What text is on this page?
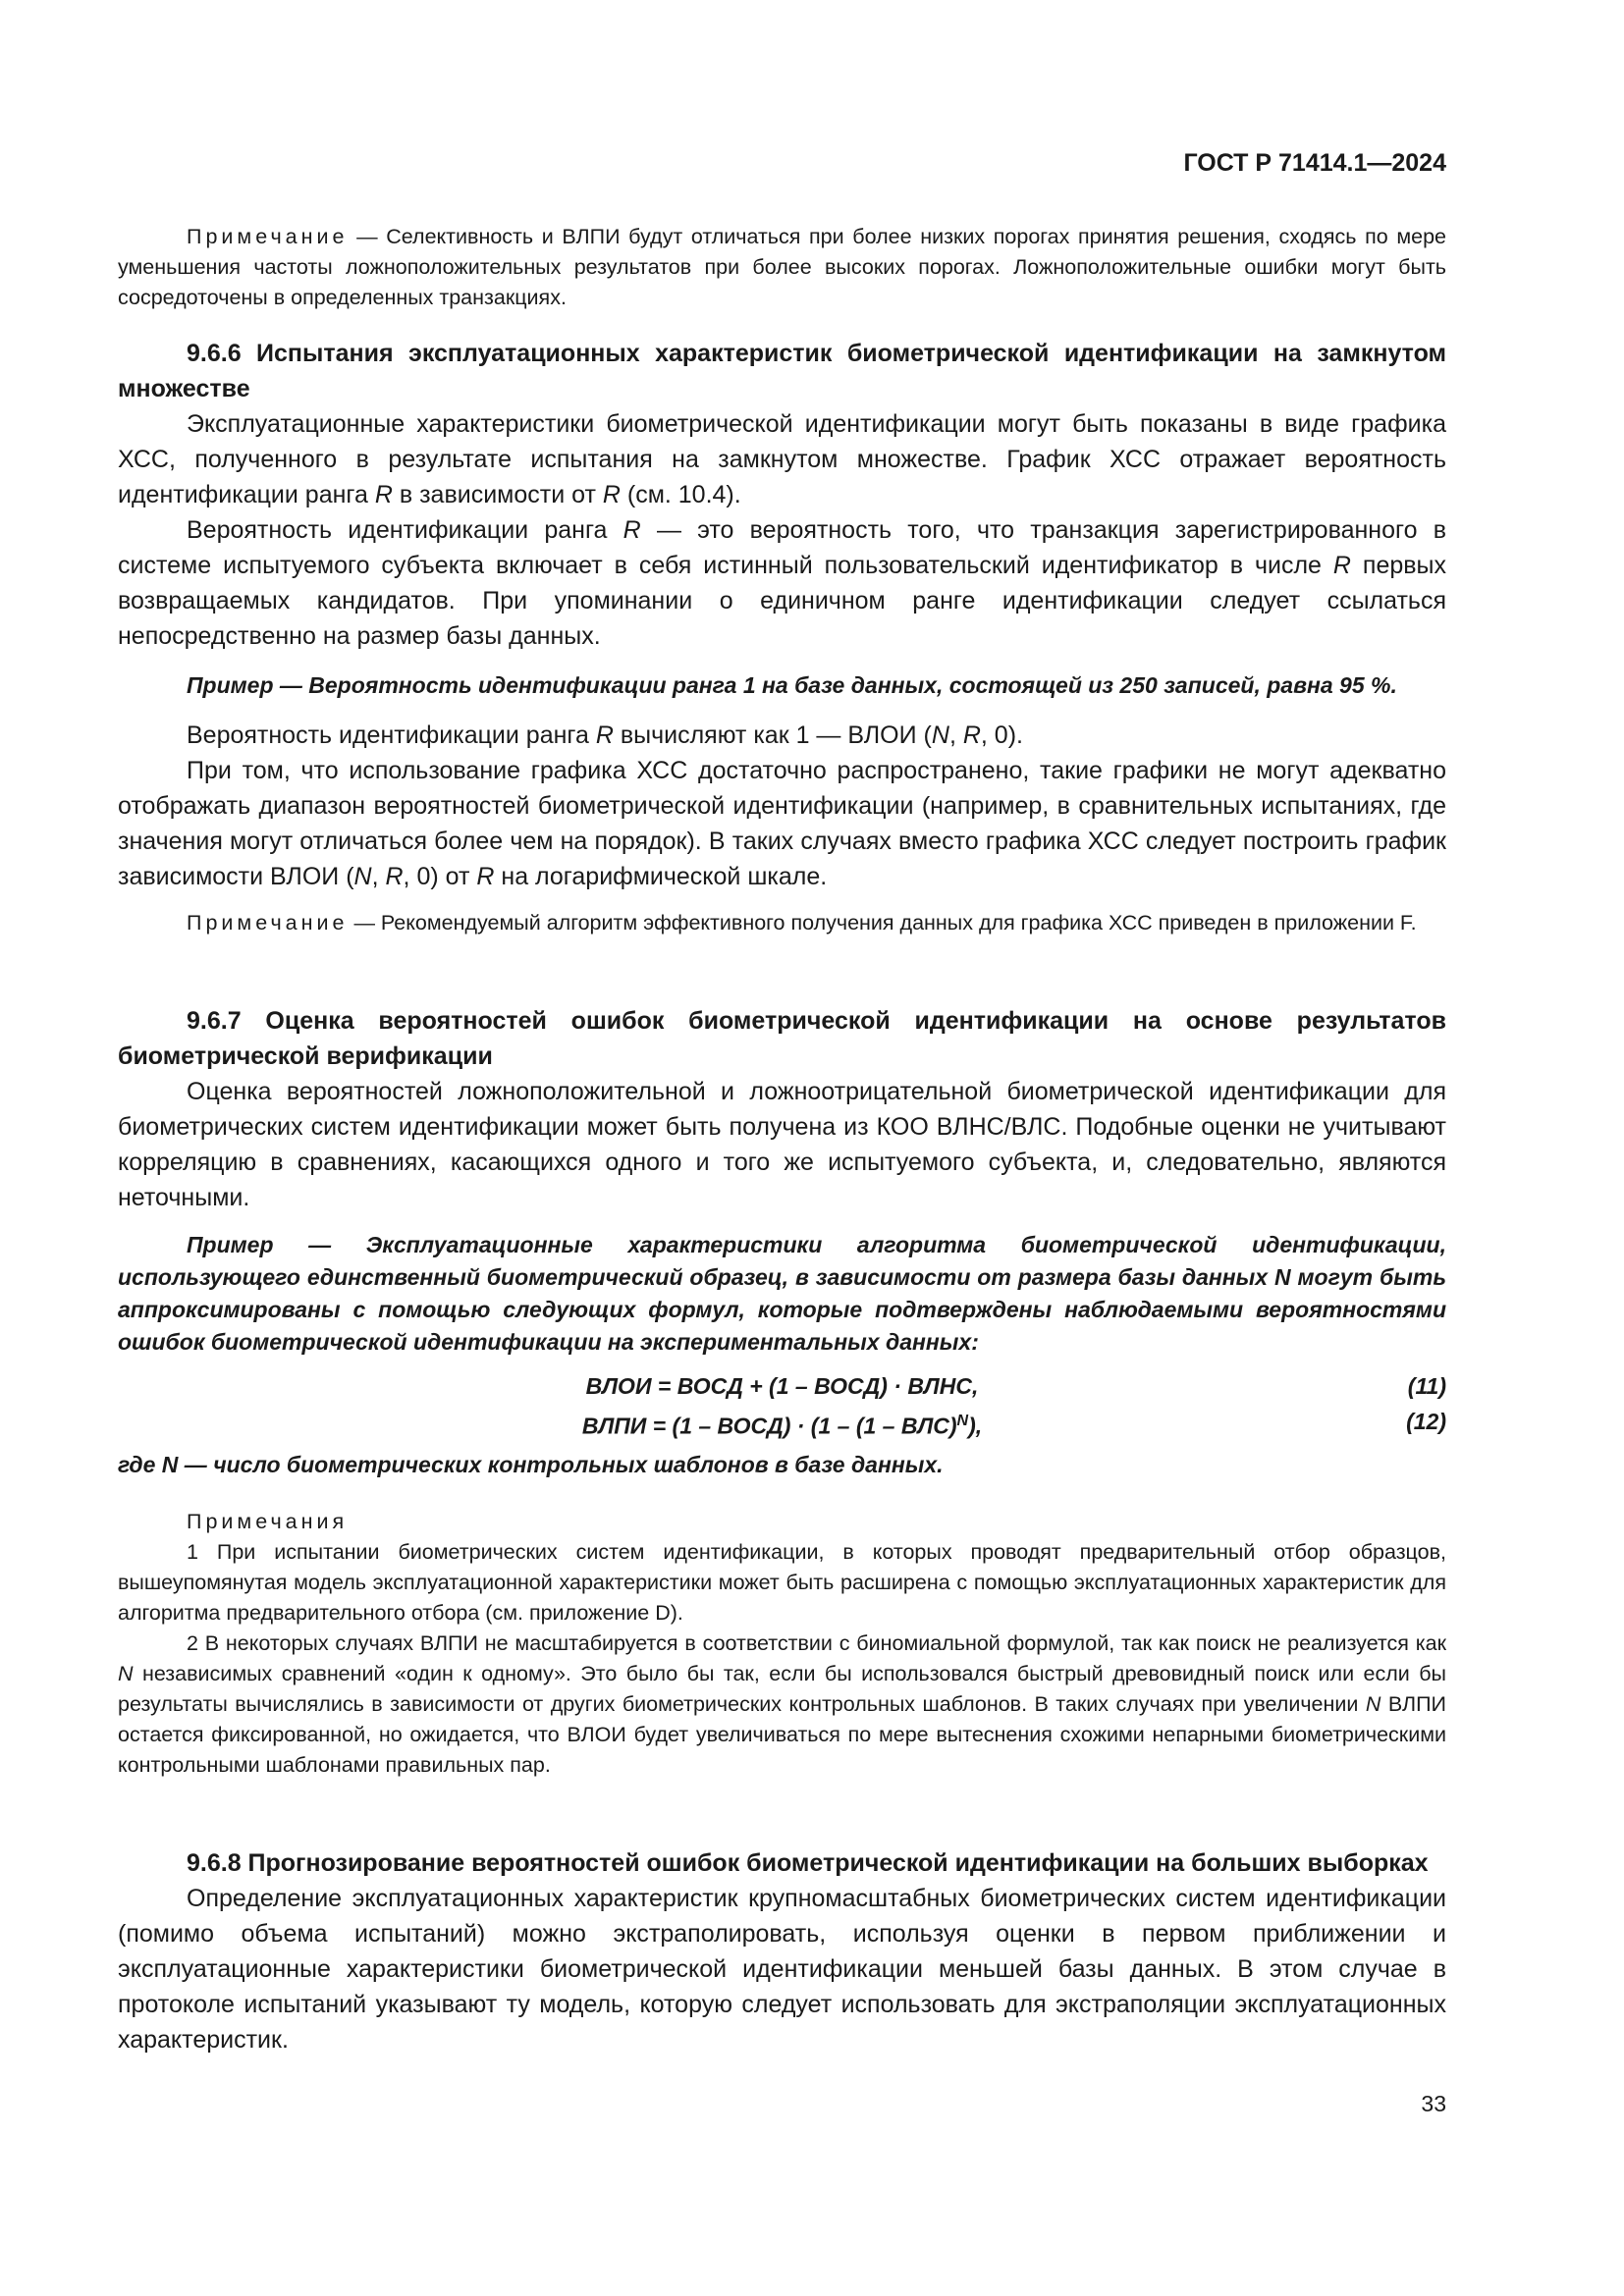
ГОСТ Р 71414.1—2024

Примечание — Селективность и ВЛПИ будут отличаться при более низких порогах принятия решения, сходясь по мере уменьшения частоты ложноположительных результатов при более высоких порогах. Ложноположительные ошибки могут быть сосредоточены в определенных транзакциях.

9.6.6 Испытания эксплуатационных характеристик биометрической идентификации на замкнутом множестве

Эксплуатационные характеристики биометрической идентификации могут быть показаны в виде графика ХСС, полученного в результате испытания на замкнутом множестве. График ХСС отражает вероятность идентификации ранга R в зависимости от R (см. 10.4).

Вероятность идентификации ранга R — это вероятность того, что транзакция зарегистрированного в системе испытуемого субъекта включает в себя истинный пользовательский идентификатор в числе R первых возвращаемых кандидатов. При упоминании о единичном ранге идентификации следует ссылаться непосредственно на размер базы данных.

Пример — Вероятность идентификации ранга 1 на базе данных, состоящей из 250 записей, равна 95 %.

Вероятность идентификации ранга R вычисляют как 1 — ВЛОИ (N, R, 0).

При том, что использование графика ХСС достаточно распространено, такие графики не могут адекватно отображать диапазон вероятностей биометрической идентификации (например, в сравнительных испытаниях, где значения могут отличаться более чем на порядок). В таких случаях вместо графика ХСС следует построить график зависимости ВЛОИ (N, R, 0) от R на логарифмической шкале.

Примечание — Рекомендуемый алгоритм эффективного получения данных для графика ХСС приведен в приложении F.

9.6.7 Оценка вероятностей ошибок биометрической идентификации на основе результатов биометрической верификации

Оценка вероятностей ложноположительной и ложноотрицательной биометрической идентификации для биометрических систем идентификации может быть получена из КОО ВЛНС/ВЛС. Подобные оценки не учитывают корреляцию в сравнениях, касающихся одного и того же испытуемого субъекта, и, следовательно, являются неточными.

Пример — Эксплуатационные характеристики алгоритма биометрической идентификации, использующего единственный биометрический образец, в зависимости от размера базы данных N могут быть аппроксимированы с помощью следующих формул, которые подтверждены наблюдаемыми вероятностями ошибок биометрической идентификации на экспериментальных данных:

ВЛОИ = ВОСД + (1 – ВОСД) · ВЛНС,	(11)
ВЛПИ = (1 – ВОСД) · (1 – (1 – ВЛС)$^N$),	(12)

где N — число биометрических контрольных шаблонов в базе данных.

Примечания

1 При испытании биометрических систем идентификации, в которых проводят предварительный отбор образцов, вышеупомянутая модель эксплуатационной характеристики может быть расширена с помощью эксплуатационных характеристик для алгоритма предварительного отбора (см. приложение D).

2 В некоторых случаях ВЛПИ не масштабируется в соответствии с биномиальной формулой, так как поиск не реализуется как N независимых сравнений «один к одному». Это было бы так, если бы использовался быстрый древовидный поиск или если бы результаты вычислялись в зависимости от других биометрических контрольных шаблонов. В таких случаях при увеличении N ВЛПИ остается фиксированной, но ожидается, что ВЛОИ будет увеличиваться по мере вытеснения схожими непарными биометрическими контрольными шаблонами правильных пар.

9.6.8 Прогнозирование вероятностей ошибок биометрической идентификации на больших выборках

Определение эксплуатационных характеристик крупномасштабных биометрических систем идентификации (помимо объема испытаний) можно экстраполировать, используя оценки в первом приближении и эксплуатационные характеристики биометрической идентификации меньшей базы данных. В этом случае в протоколе испытаний указывают ту модель, которую следует использовать для экстраполяции эксплуатационных характеристик.

33
